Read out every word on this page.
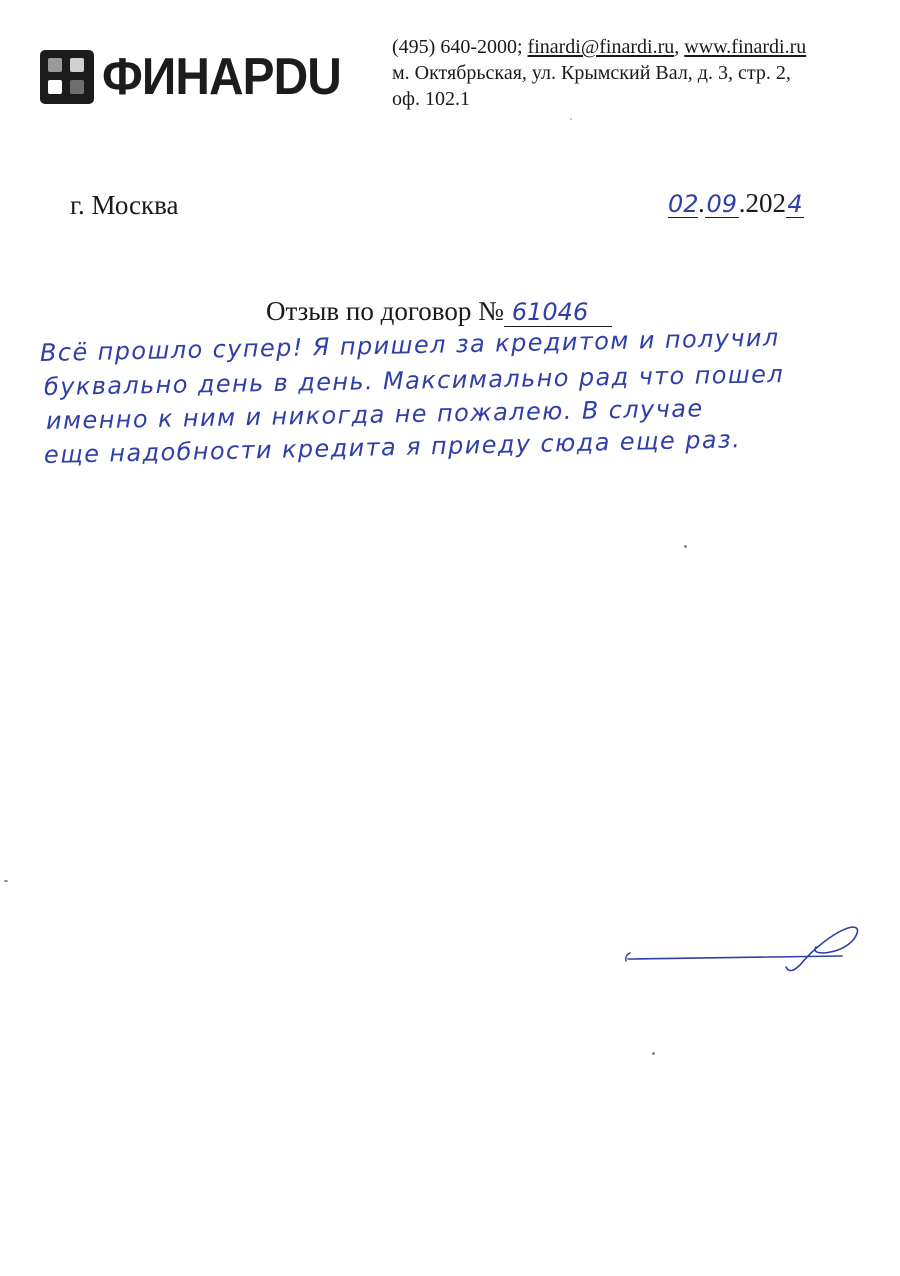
ФИНАРDU
(495) 640-2000; finardi@finardi.ru, www.finardi.ru
м. Октябрьская, ул. Крымский Вал, д. 3, стр. 2,
оф. 102.1
г. Москва	02.09.2024
Отзыв по договор № 61046
Всё прошло супер! Я пришел за кредитом и получил
буквально день в день. Максимально рад что пошел
именно к ним и никогда не пожалею. В случае
еще надобности кредита я приеду сюда еще раз.
